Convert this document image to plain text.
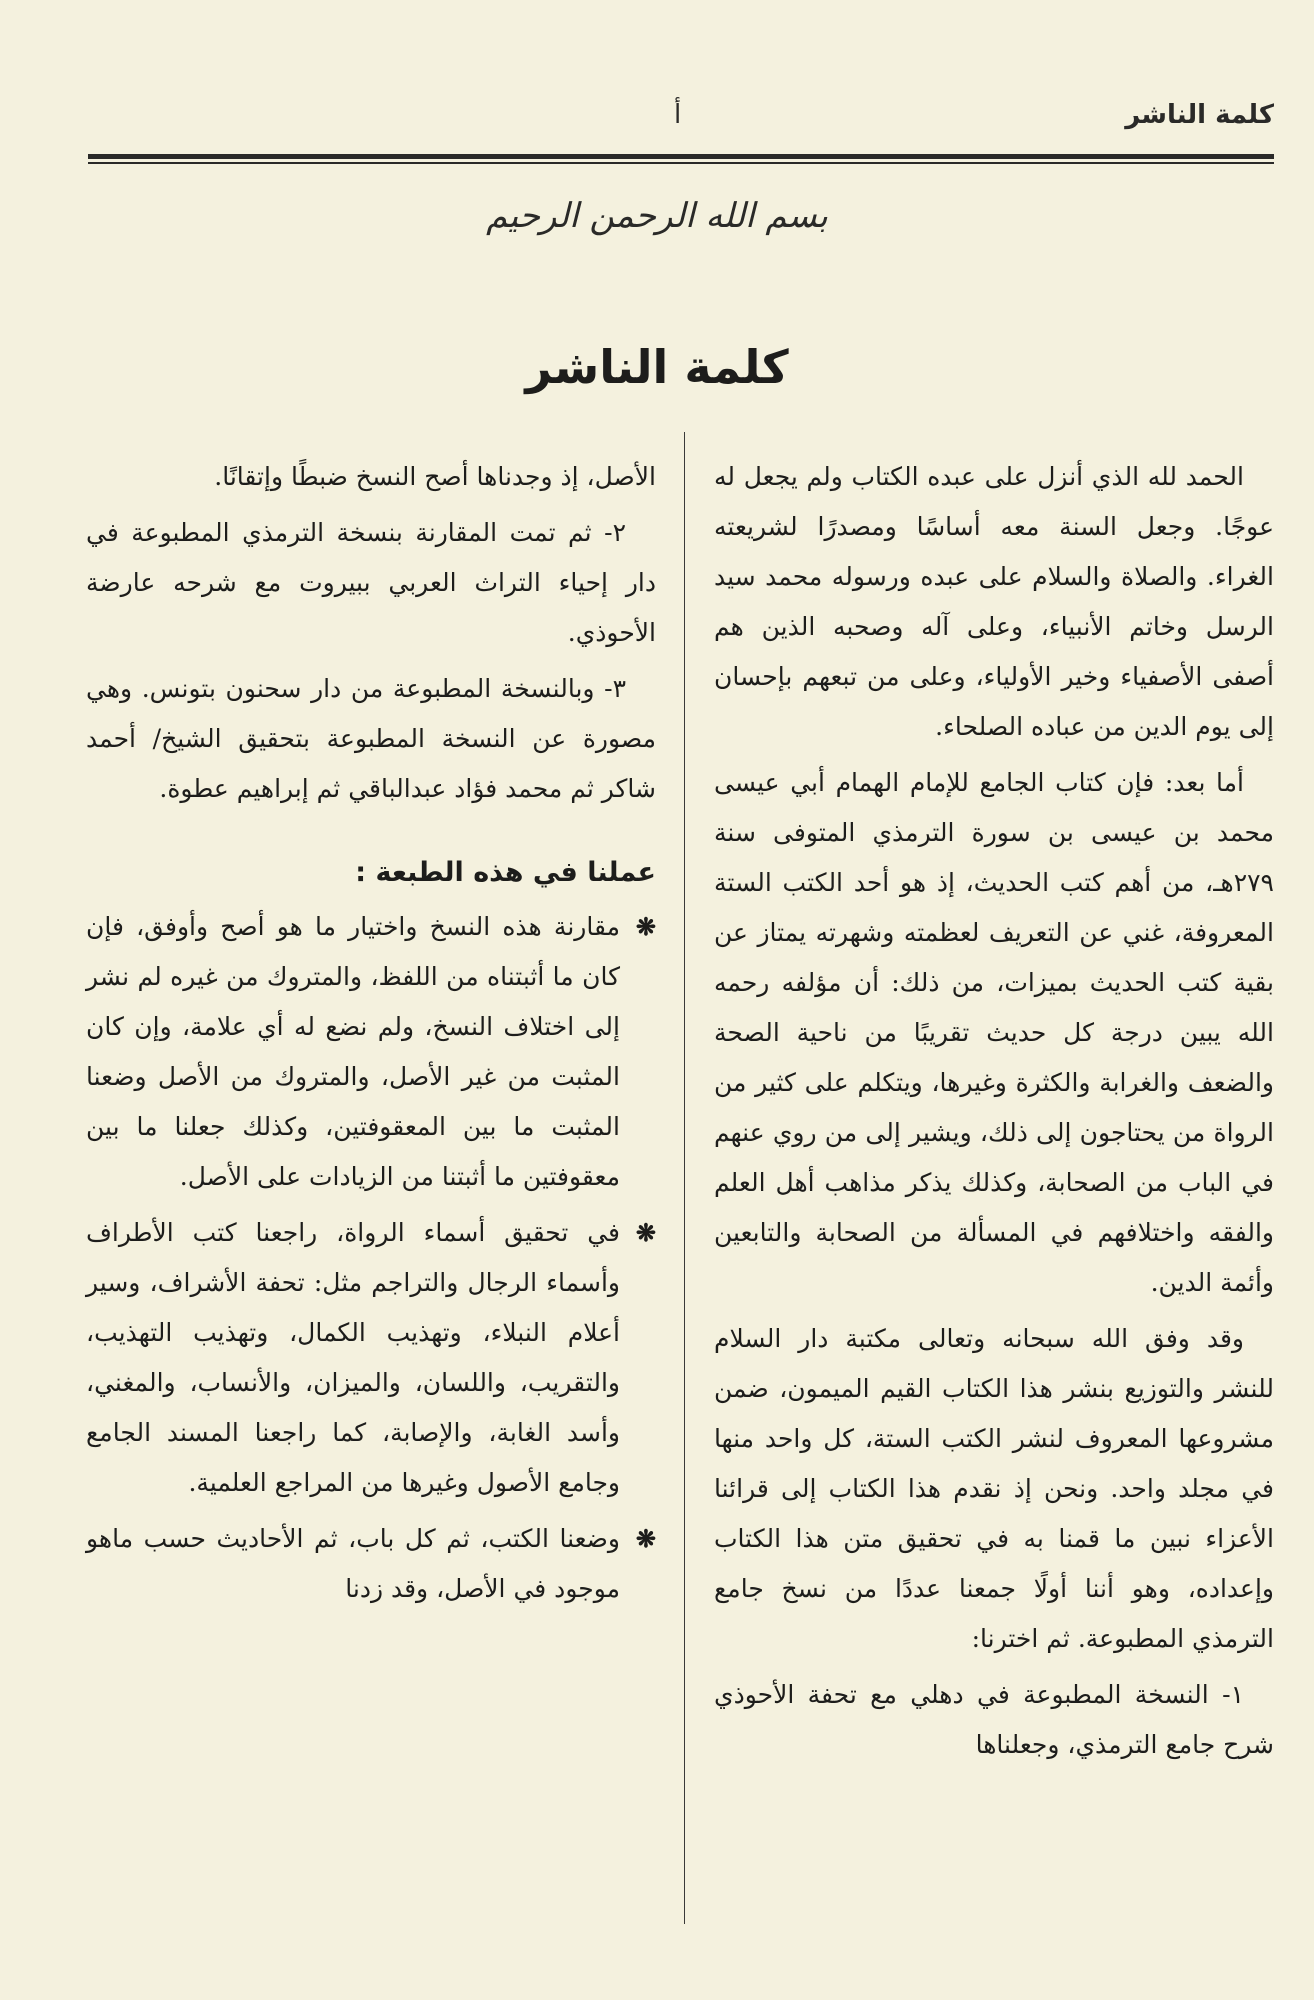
كلمة الناشر
أ
بسم الله الرحمن الرحيم
كلمة الناشر

الحمد لله الذي أنزل على عبده الكتاب ولم يجعل له عوجًا. وجعل السنة معه أساسًا ومصدرًا لشريعته الغراء. والصلاة والسلام على عبده ورسوله محمد سيد الرسل وخاتم الأنبياء، وعلى آله وصحبه الذين هم أصفى الأصفياء وخير الأولياء، وعلى من تبعهم بإحسان إلى يوم الدين من عباده الصلحاء.

أما بعد: فإن كتاب الجامع للإمام الهمام أبي عيسى محمد بن عيسى بن سورة الترمذي المتوفى سنة ٢٧٩هـ، من أهم كتب الحديث، إذ هو أحد الكتب الستة المعروفة، غني عن التعريف لعظمته وشهرته يمتاز عن بقية كتب الحديث بميزات، من ذلك: أن مؤلفه رحمه الله يبين درجة كل حديث تقريبًا من ناحية الصحة والضعف والغرابة والكثرة وغيرها، ويتكلم على كثير من الرواة من يحتاجون إلى ذلك، ويشير إلى من روي عنهم في الباب من الصحابة، وكذلك يذكر مذاهب أهل العلم والفقه واختلافهم في المسألة من الصحابة والتابعين وأئمة الدين.

وقد وفق الله سبحانه وتعالى مكتبة دار السلام للنشر والتوزيع بنشر هذا الكتاب القيم الميمون، ضمن مشروعها المعروف لنشر الكتب الستة، كل واحد منها في مجلد واحد. ونحن إذ نقدم هذا الكتاب إلى قرائنا الأعزاء نبين ما قمنا به في تحقيق متن هذا الكتاب وإعداده، وهو أننا أولًا جمعنا عددًا من نسخ جامع الترمذي المطبوعة. ثم اخترنا:

١- النسخة المطبوعة في دهلي مع تحفة الأحوذي شرح جامع الترمذي، وجعلناها

الأصل، إذ وجدناها أصح النسخ ضبطًا وإتقانًا.

٢- ثم تمت المقارنة بنسخة الترمذي المطبوعة في دار إحياء التراث العربي ببيروت مع شرحه عارضة الأحوذي.

٣- وبالنسخة المطبوعة من دار سحنون بتونس. وهي مصورة عن النسخة المطبوعة بتحقيق الشيخ/ أحمد شاكر ثم محمد فؤاد عبدالباقي ثم إبراهيم عطوة.

عملنا في هذه الطبعة :

❋
مقارنة هذه النسخ واختيار ما هو أصح وأوفق، فإن كان ما أثبتناه من اللفظ، والمتروك من غيره لم نشر إلى اختلاف النسخ، ولم نضع له أي علامة، وإن كان المثبت من غير الأصل، والمتروك من الأصل وضعنا المثبت ما بين المعقوفتين، وكذلك جعلنا ما بين معقوفتين ما أثبتنا من الزيادات على الأصل.

❋
في تحقيق أسماء الرواة، راجعنا كتب الأطراف وأسماء الرجال والتراجم مثل: تحفة الأشراف، وسير أعلام النبلاء، وتهذيب الكمال، وتهذيب التهذيب، والتقريب، واللسان، والميزان، والأنساب، والمغني، وأسد الغابة، والإصابة، كما راجعنا المسند الجامع وجامع الأصول وغيرها من المراجع العلمية.

❋
وضعنا الكتب، ثم كل باب، ثم الأحاديث حسب ماهو موجود في الأصل، وقد زدنا
